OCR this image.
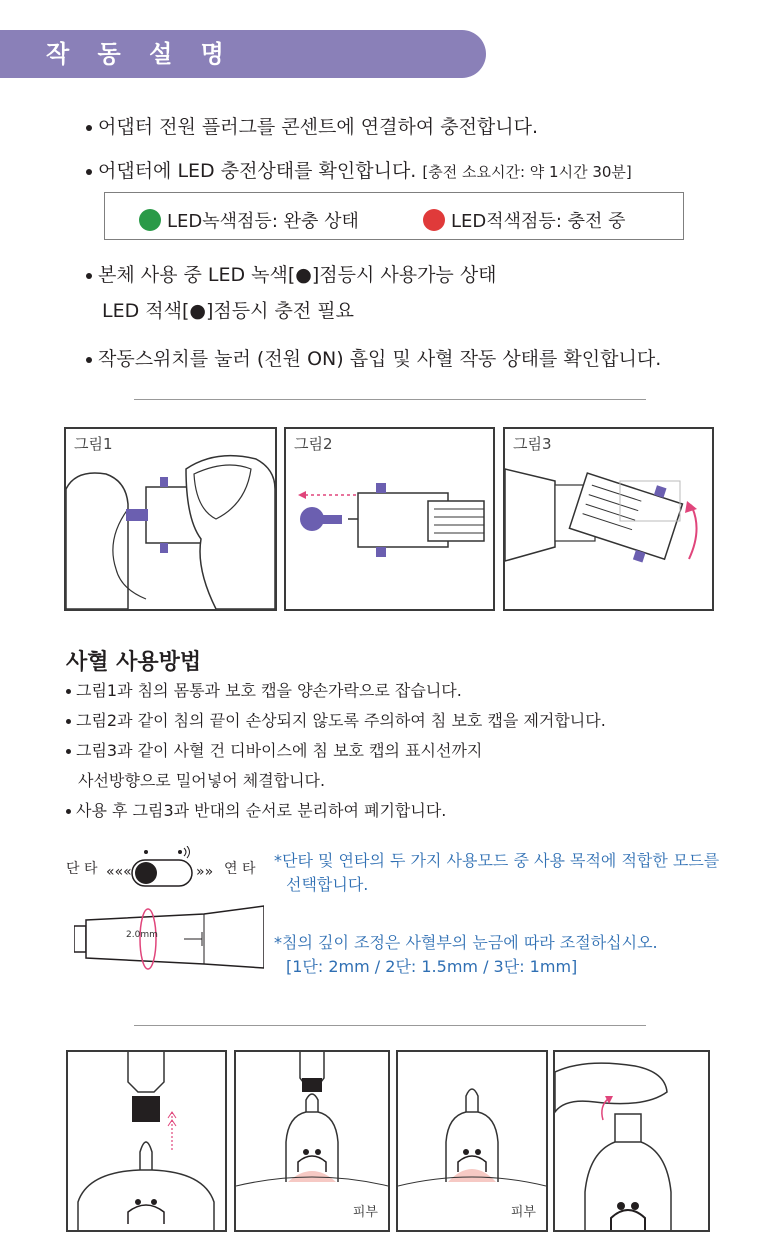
작 동 설 명
어댑터 전원 플러그를 콘센트에 연결하여 충전합니다.
어댑터에 LED 충전상태를 확인합니다. [충전 소요시간: 약 1시간 30분]
LED녹색점등: 완충 상태	LED적색점등: 충전 중
본체 사용 중 LED 녹색[●]점등시 사용가능 상태
LED 적색[●]점등시 충전 필요
작동스위치를 눌러 (전원 ON) 흡입 및 사혈 작동 상태를 확인합니다.
그림1	그림2	그림3
사혈 사용방법
그림1과 침의 몸통과 보호 캡을 양손가락으로 잡습니다.
그림2과 같이 침의 끝이 손상되지 않도록 주의하여 침 보호 캡을 제거합니다.
그림3과 같이 사혈 건 디바이스에 침 보호 캡의 표시선까지
사선방향으로 밀어넣어 체결합니다.
사용 후 그림3과 반대의 순서로 분리하여 폐기합니다.
단 타 «««	»» 연 타 *단타 및 연타의 두 가지 사용모드 중 사용 목적에 적합한 모드를
선택합니다.
2.0mm	*침의 깊이 조정은 사혈부의 눈금에 따라 조절하십시오.
[1단: 2mm / 2단: 1.5mm / 3단: 1mm]
피부	피부
